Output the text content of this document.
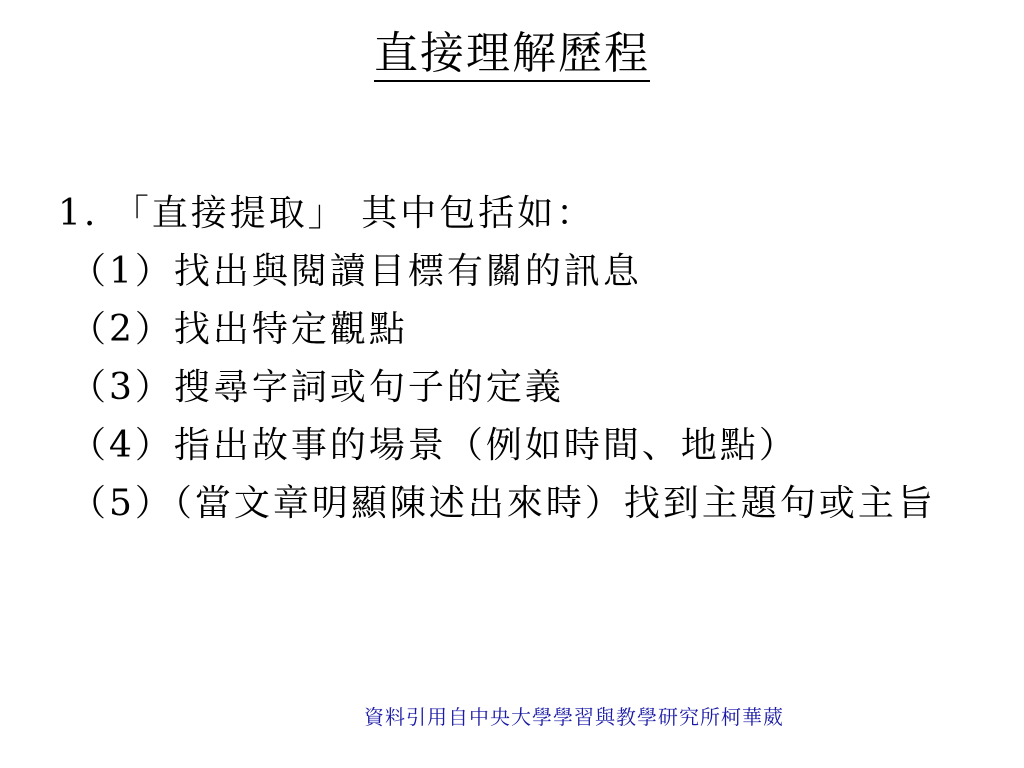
直接理解歷程
1. 「直接提取」 其中包括如：
（1）找出與閱讀目標有關的訊息
（2）找出特定觀點
（3）搜尋字詞或句子的定義
（4）指出故事的場景（例如時間、地點）
（5）（當文章明顯陳述出來時）找到主題句或主旨
資料引用自中央大學學習與教學研究所柯華葳
